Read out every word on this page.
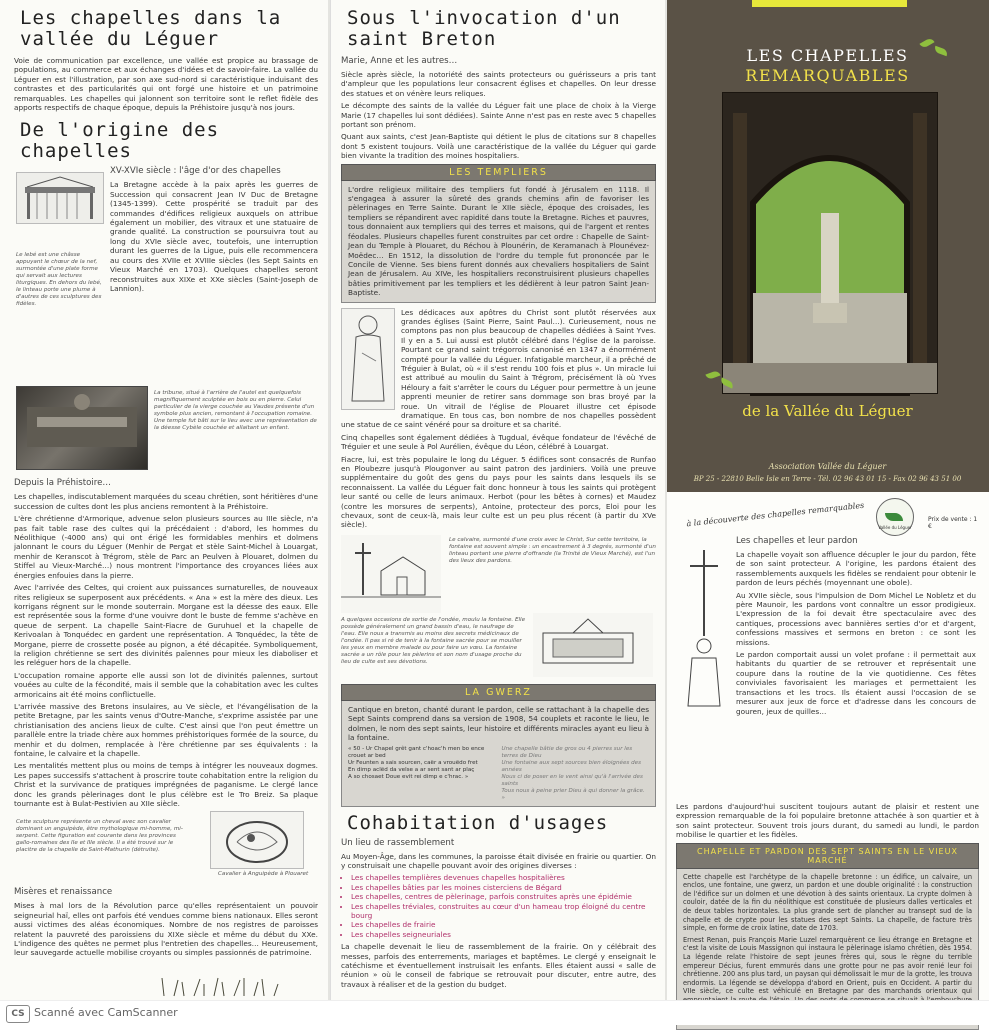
Les chapelles dans la vallée du Léguer

Voie de communication par excellence, une vallée est propice au brassage de populations, au commerce et aux échanges d'idées et de savoir-faire. La vallée du Léguer en est l'illustration, par son axe sud-nord si caractéristique induisant des contrastes et des particularités qui ont forgé une histoire et un patrimoine remarquables. Les chapelles qui jalonnent son territoire sont le reflet fidèle des apports respectifs de chaque époque, depuis la Préhistoire jusqu'à nos jours.

De l'origine des chapelles
Le lebé est une châsse appuyant le chœur de la nef, surmontée d'une plate forme qui servait aux lectures liturgiques. En dehors du lebé, le linteau porte une plume à d'autres de ces sculptures des fidèles.
XV-XVIe siècle : l'âge d'or des chapelles

La Bretagne accède à la paix après les guerres de Succession qui consacrent Jean IV Duc de Bretagne (1345-1399). Cette prospérité se traduit par des commandes d'édifices religieux auxquels on attribue également un mobilier, des vitraux et une statuaire de grande qualité. La construction se poursuivra tout au long du XVIe siècle avec, toutefois, une interruption durant les guerres de la Ligue, puis elle recommencera au cours des XVIIe et XVIIIe siècles (les Sept Saints en Vieux Marché en 1703). Quelques chapelles seront reconstruites aux XIXe et XXe siècles (Saint-Joseph de Lannion).

La tribune, situé à l'arrière de l'autel est quelquefois magnifiquement sculptée en bois ou en pierre. Celui particulier de la vierge couchée au Vaudes présente d'un symbole plus ancien, remontant à l'occupation romaine. Une temple fut bâti sur le lieu avec une représentation de la déesse Cybèle couchée et allaitant un enfant.
Depuis la Préhistoire…

Les chapelles, indiscutablement marquées du sceau chrétien, sont héritières d'une succession de cultes dont les plus anciens remontent à la Préhistoire.

L'ère chrétienne d'Armorique, advenue selon plusieurs sources au IIIe siècle, n'a pas fait table rase des cultes qui la précédaient : d'abord, les hommes du Néolithique (-4000 ans) qui ont érigé les formidables menhirs et dolmens jalonnant le cours du Léguer (Menhir de Pergat et stèle Saint-Michel à Louargat, menhir de Keranscot à Trégrom, stèle de Parc an Peulven à Plouaret, dolmen du Stiffel au Vieux-Marché…) nous montrent l'importance des croyances liées aux énergies enfouies dans la pierre.

Avec l'arrivée des Celtes, qui croient aux puissances surnaturelles, de nouveaux rites religieux se superposent aux précédents. « Ana » est la mère des dieux. Les korrigans régnent sur le monde souterrain. Morgane est la déesse des eaux. Elle est représentée sous la forme d'une vouivre dont le buste de femme s'achève en queue de serpent. La chapelle Saint-Fiacre de Guruhuel et la chapelle de Kerivoalan à Tonquédec en gardent une représentation. A Tonquédec, la tête de Morgane, pierre de crossette posée au pignon, a été décapitée. Symboliquement, la religion chrétienne se sert des divinités païennes pour mieux les diaboliser et les reléguer hors de la chapelle.

L'occupation romaine apporte elle aussi son lot de divinités païennes, surtout vouées au culte de la fécondité, mais il semble que la cohabitation avec les cultes armoricains ait été moins conflictuelle.

L'arrivée massive des Bretons insulaires, au Ve siècle, et l'évangélisation de la petite Bretagne, par les saints venus d'Outre-Manche, s'exprime assistée par une christianisation des anciens lieux de culte. C'est ainsi que l'on peut émettre un parallèle entre la triade chère aux hommes préhistoriques formée de la source, du menhir et du dolmen, remplacée à l'ère chrétienne par ses équivalents : la fontaine, le calvaire et la chapelle.

Les mentalités mettent plus ou moins de temps à intégrer les nouveaux dogmes. Les papes successifs s'attachent à proscrire toute cohabitation entre la religion du Christ et la survivance de pratiques imprégnées de paganisme. Le clergé lance donc les grands pèlerinages dont le plus célèbre est le Tro Breiz. Sa plaque tournante est à Bulat-Pestivien au XIIe siècle.

Cette sculpture représente un cheval avec son cavalier dominant un anguipède, être mythologique mi-homme, mi-serpent. Cette figuration est courante dans les provinces gallo-romaines des IIe et IIIe siècle. Il a été trouvé sur le placitre de la chapelle de Saint-Mathurin (détruite).
Cavalier à Anguipède à Plouaret
Misères et renaissance

Mises à mal lors de la Révolution parce qu'elles représentaient un pouvoir seigneurial haï, elles ont parfois été vendues comme biens nationaux. Elles seront aussi victimes des aléas économiques. Nombre de nos registres de paroisses relatent la pauvreté des paroissiens du XIXe siècle et même du début du XXe. L'indigence des quêtes ne permet plus l'entretien des chapelles… Heureusement, leur sauvegarde actuelle mobilise croyants ou simples passionnés de patrimoine.

Sous l'invocation d'un saint Breton
Marie, Anne et les autres…

Siècle après siècle, la notoriété des saints protecteurs ou guérisseurs a pris tant d'ampleur que les populations leur consacrent églises et chapelles. On leur dresse des statues et on vénère leurs reliques.

Le décompte des saints de la vallée du Léguer fait une place de choix à la Vierge Marie (17 chapelles lui sont dédiées). Sainte Anne n'est pas en reste avec 5 chapelles portant son prénom.

Quant aux saints, c'est Jean-Baptiste qui détient le plus de citations sur 8 chapelles dont 5 existent toujours. Voilà une caractéristique de la vallée du Léguer qui garde bien vivante la tradition des moines hospitaliers.

LES TEMPLIERS

L'ordre religieux militaire des templiers fut fondé à Jérusalem en 1118. Il s'engagea à assurer la sûreté des grands chemins afin de favoriser les pèlerinages en Terre Sainte. Durant le XIIe siècle, époque des croisades, les templiers se répandirent avec rapidité dans toute la Bretagne. Riches et pauvres, tous donnaient aux templiers qui des terres et maisons, qui de l'argent et rentes féodales. Plusieurs chapelles furent construites par cet ordre : Chapelle de Saint-Jean du Temple à Plouaret, du Réchou à Plounérin, de Keramanach à Plounévez-Moëdec… En 1512, la dissolution de l'ordre du temple fut prononcée par le Concile de Vienne. Ses biens furent donnés aux chevaliers hospitaliers de Saint Jean de Jérusalem. Au XIVe, les hospitaliers reconstruisirent plusieurs chapelles bâties primitivement par les templiers et les dédièrent à leur patron Saint Jean-Baptiste.

Les dédicaces aux apôtres du Christ sont plutôt réservées aux grandes églises (Saint Pierre, Saint Paul…). Curieusement, nous ne comptons pas non plus beaucoup de chapelles dédiées à Saint Yves. Il y en a 5. Lui aussi est plutôt célébré dans l'église de la paroisse. Pourtant ce grand saint trégorrois canonisé en 1347 a énormément compté pour la vallée du Léguer. Infatigable marcheur, il a prêché de Tréguier à Bulat, où « il s'est rendu 100 fois et plus ». Un miracle lui est attribué au moulin du Saint à Trégrom, précisément là où Yves Héloury a fait s'arrêter le cours du Léguer pour permettre à un jeune apprenti meunier de retirer sans dommage son bras broyé par la roue. Un vitrail de l'église de Plouaret illustre cet épisode dramatique. En tous cas, bon nombre de nos chapelles possèdent une statue de ce saint vénéré pour sa droiture et sa charité.

Cinq chapelles sont également dédiées à Tugdual, évêque fondateur de l'évêché de Tréguier et une seule à Pol Aurélien, évêque du Léon, célébré à Louargat.

Fiacre, lui, est très populaire le long du Léguer. 5 édifices sont consacrés de Runfao en Ploubezre jusqu'à Plougonver au saint patron des jardiniers. Voilà une preuve supplémentaire du goût des gens du pays pour les saints dans lesquels ils se reconnaissent. La vallée du Léguer fait donc honneur à tous les saints qui protègent leur santé ou celle de leurs animaux. Herbot (pour les bêtes à cornes) et Maudez (contre les morsures de serpents), Antoine, protecteur des porcs, Eloi pour les chevaux, sont de ceux-là, mais leur culte est un peu plus récent (à partir du XVe siècle).

Le calvaire, surmonté d'une croix avec le Christ, Sur cette territoire, la fontaine est souvent simple : un encastrement à 3 degrés, surmonté d'un linteau portant une pierre d'offrande (la Trinité de Vieux Marché), est l'un des lieux des pardons.
A quelques occasions de sortie de l'ondée, moulu la fontaine. Elle possède généralement un grand bassin d'eau, le naufrage de l'eau. Elle nous a transmis au moins des secrets médicinaux de l'ondée. Il pas si ré de tenir à la fontaine sacrée pour se mouiller les yeux en membre malade ou pour faire un vœu. La fontaine sacrée a un rôle pour les pèlerins et son nom d'usage proche du lieu de culte est ses dévotions.
LA GWERZ

Cantique en breton, chanté durant le pardon, celle se rattachant à la chapelle des Sept Saints comprend dans sa version de 1908, 54 couplets et raconte le lieu, le dolmen, le nom des sept saints, leur histoire et différents miracles ayant eu lieu à la fontaine.

« 50 - Ur Chapel grêt gant c'hoac'h men bo ence crouet ar bed
Ur Feunten a sais sourcen, caër a vrouëdo fret
En dimp aclëd da velse a ar sent sant ar plaç
A so chosaet Doue evit rei dimp e c'hrac. »
Une chapelle bâtie de gros ou 4 pierres sur les terres de Dieu
Une fontaine aux sept sources bien éloignées des années
Nous ci de poser en le vent ainsi qu'à l'arrivée des saints
Tous nous à peine prier Dieu à qui donner la grâce. »
Cohabitation d'usages
Un lieu de rassemblement

Au Moyen-Âge, dans les communes, la paroisse était divisée en frairie ou quartier. On y construisait une chapelle pouvant avoir des origines diverses :

• Les chapelles templières devenues chapelles hospitalières
• Les chapelles bâties par les moines cisterciens de Bégard
• Les chapelles, centres de pèlerinage, parfois construites après une épidémie
• Les chapelles tréviales, construites au cœur d'un hameau trop éloigné du centre bourg
• Les chapelles de frairie
• Les chapelles seigneuriales

La chapelle devenait le lieu de rassemblement de la frairie. On y célébrait des messes, parfois des enterrements, mariages et baptêmes. Le clergé y enseignait le catéchisme et éventuellement instruisait les enfants. Elles étaient aussi « salle de réunion » où le conseil de fabrique se retrouvait pour discuter, entre autre, des travaux à réaliser et de la gestion du budget.

LES CHAPELLES
REMARQUABLES
de la Vallée du Léguer
Association Vallée du Léguer
BP 25 - 22810 Belle Isle en Terre - Tél. 02 96 43 01 15 - Fax 02 96 43 51 00
à la découverte des chapelles remarquables	Vallée du Léguer
Prix de vente : 1 €
Les chapelles et leur pardon

La chapelle voyait son affluence décupler le jour du pardon, fête de son saint protecteur. A l'origine, les pardons étaient des rassemblements auxquels les fidèles se rendaient pour obtenir le pardon de leurs péchés (moyennant une obole).

Au XVIIe siècle, sous l'impulsion de Dom Michel Le Nobletz et du père Maunoir, les pardons vont connaître un essor prodigieux. L'expression de la foi devait être spectaculaire avec des cantiques, processions avec bannières serties d'or et d'argent, confessions massives et sermons en breton : ce sont les missions.

Le pardon comportait aussi un volet profane : il permettait aux habitants du quartier de se retrouver et représentait une coupure dans la routine de la vie quotidienne. Ces fêtes conviviales favorisaient les mariages et permettaient les transactions et les trocs. Ils étaient aussi l'occasion de se mesurer aux jeux de force et d'adresse dans les concours de gouren, jeux de quilles…

Les pardons d'aujourd'hui suscitent toujours autant de plaisir et restent une expression remarquable de la foi populaire bretonne attachée à son quartier et à son saint protecteur. Souvent trois jours durant, du samedi au lundi, le pardon mobilise le quartier et les fidèles.

CHAPELLE ET PARDON DES SEPT SAINTS EN LE VIEUX MARCHÉ

Cette chapelle est l'archétype de la chapelle bretonne : un édifice, un calvaire, un enclos, une fontaine, une gwerz, un pardon et une double originalité : la construction de l'édifice sur un dolmen et une dévotion à des saints orientaux. La crypte dolmen à couloir, datée de la fin du néolithique est constituée de plusieurs dalles verticales et de deux tables horizontales. La plus grande sert de plancher au transept sud de la chapelle et de crypte pour les statues des sept Saints. La chapelle, de facture très simple, en forme de croix latine, date de 1703.

Ernest Renan, puis François Marie Luzel remarquèrent ce lieu étrange en Bretagne et c'est la visite de Louis Massignon qui instaura le pèlerinage islamo chrétien, dès 1954. La légende relate l'histoire de sept jeunes frères qui, sous le règne du terrible empereur Décius, furent emmurés dans une grotte pour ne pas avoir renié leur foi chrétienne. 200 ans plus tard, un paysan qui démolissait le mur de la grotte, les trouva endormis. La légende se développa d'abord en Orient, puis en Occident. A partir du VIIe siècle, ce culte est véhiculé en Bretagne par des marchands orientaux qui

CS Scanné avec CamScanner
